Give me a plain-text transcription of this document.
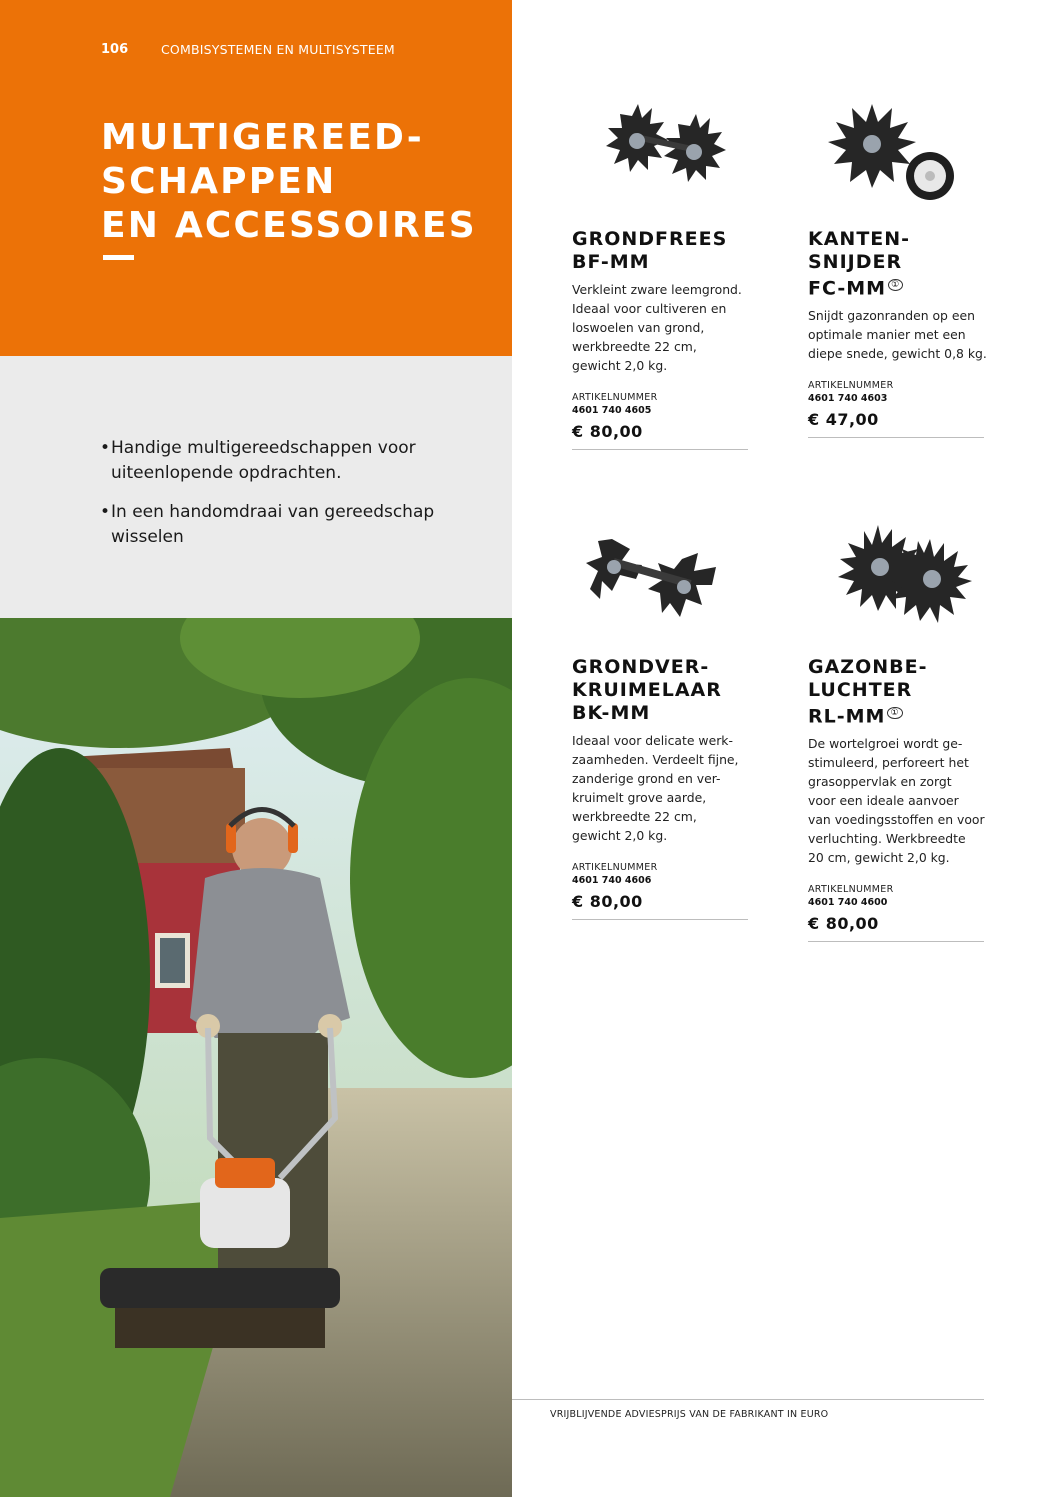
106	COMBISYSTEMEN EN MULTISYSTEEM
MULTIGEREED-
SCHAPPEN
EN ACCESSOIRES
• Handige multigereedschappen voor
uiteenlopende opdrachten.
• In een handomdraai van gereedschap
wisselen
GRONDFREES
BF-MM
Verkleint zware leemgrond.
Ideaal voor cultiveren en
loswoelen van grond,
werkbreedte 22 cm,
gewicht 2,0 kg.
ARTIKELNUMMER
4601 740 4605
€ 80,00
KANTEN-
SNIJDER
FC-MM ①
Snijdt gazonranden op een
optimale manier met een
diepe snede, gewicht 0,8 kg.
ARTIKELNUMMER
4601 740 4603
€ 47,00
GRONDVER-
KRUIMELAAR
BK-MM
Ideaal voor delicate werk-
zaamheden. Verdeelt fijne,
zanderige grond en ver-
kruimelt grove aarde,
werkbreedte 22 cm,
gewicht 2,0 kg.
ARTIKELNUMMER
4601 740 4606
€ 80,00
GAZONBE-
LUCHTER
RL-MM ①
De wortelgroei wordt ge-
stimuleerd, perforeert het
grasoppervlak en zorgt
voor een ideale aanvoer
van voedingsstoffen en voor
verluchting. Werkbreedte
20 cm, gewicht 2,0 kg.
ARTIKELNUMMER
4601 740 4600
€ 80,00
VRIJBLIJVENDE ADVIESPRIJS VAN DE FABRIKANT IN EURO
